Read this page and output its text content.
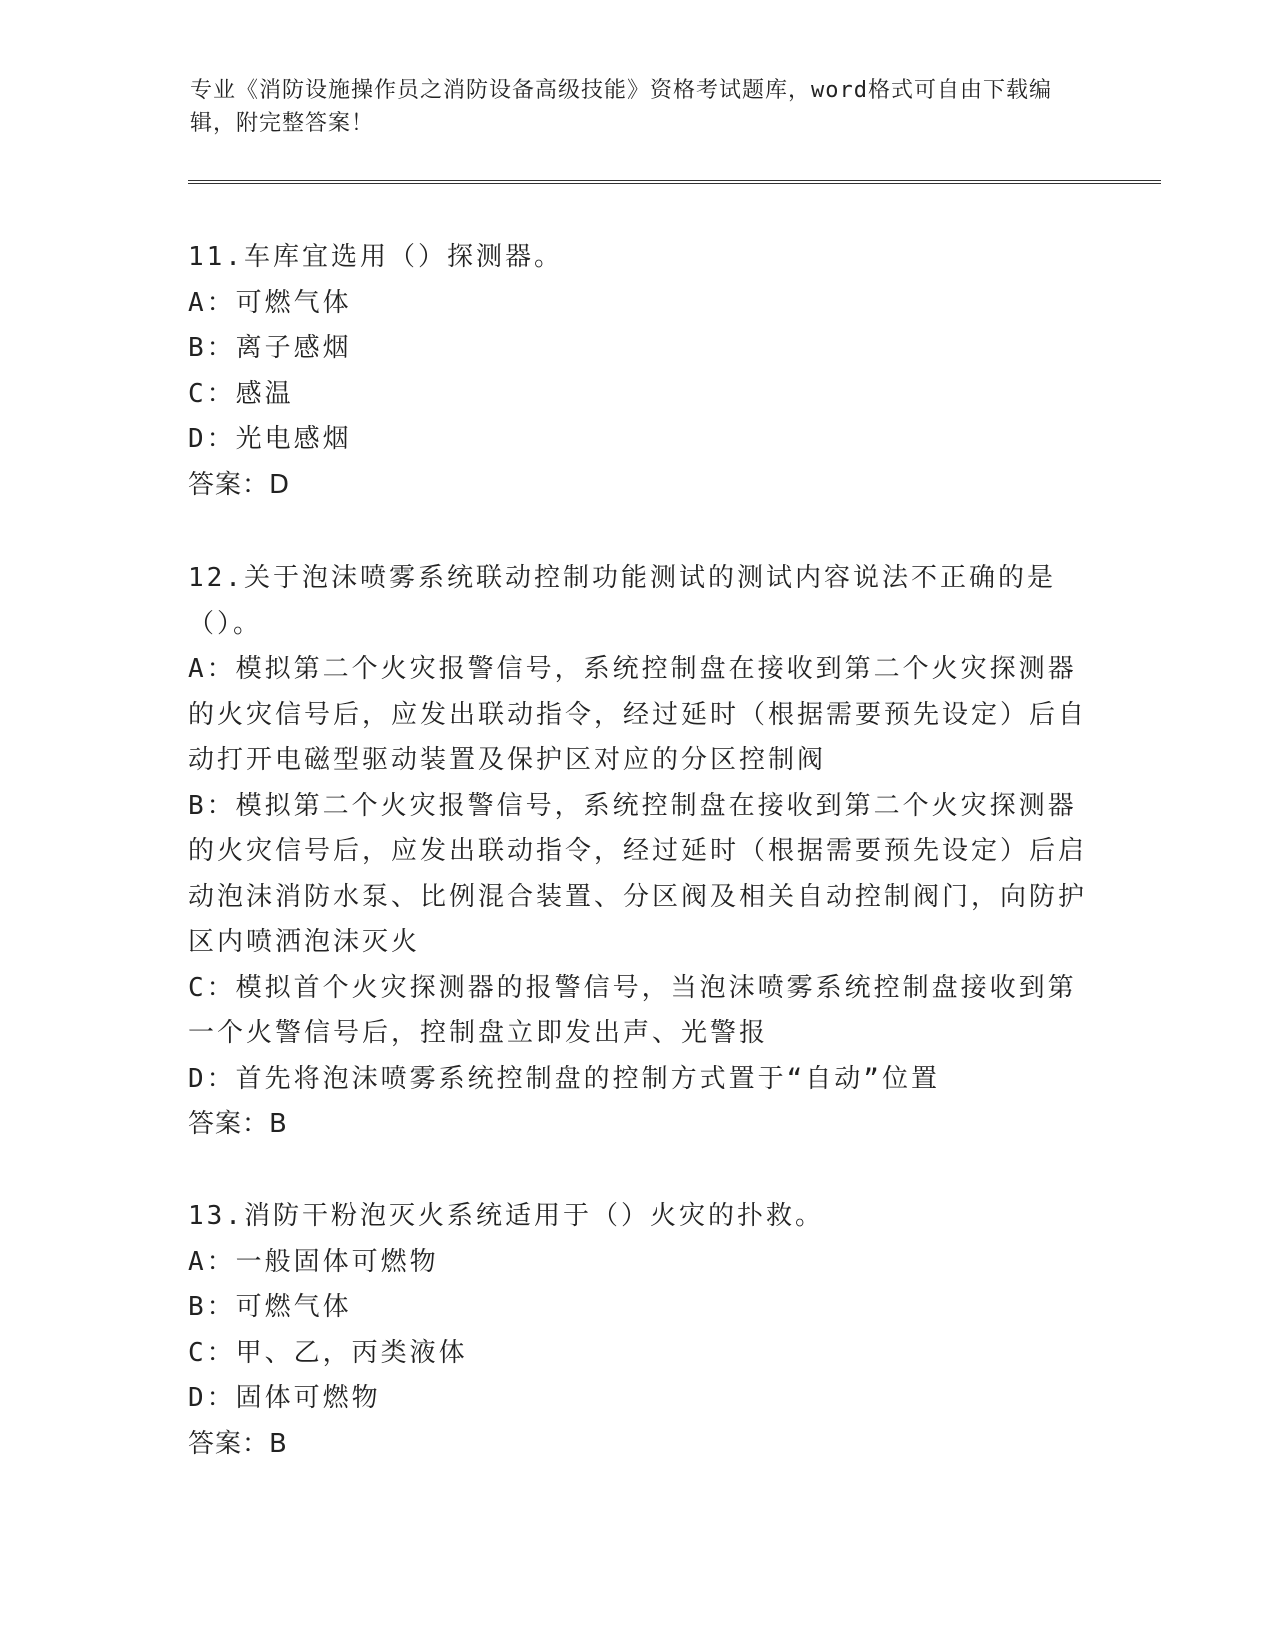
专业《消防设施操作员之消防设备高级技能》资格考试题库，word格式可自由下载编辑，附完整答案！
11.车库宜选用（）探测器。
A：可燃气体
B：离子感烟
C：感温
D：光电感烟
答案：D
12.关于泡沫喷雾系统联动控制功能测试的测试内容说法不正确的是（）。
A：模拟第二个火灾报警信号，系统控制盘在接收到第二个火灾探测器的火灾信号后，应发出联动指令，经过延时（根据需要预先设定）后自动打开电磁型驱动装置及保护区对应的分区控制阀
B：模拟第二个火灾报警信号，系统控制盘在接收到第二个火灾探测器的火灾信号后，应发出联动指令，经过延时（根据需要预先设定）后启动泡沫消防水泵、比例混合装置、分区阀及相关自动控制阀门，向防护区内喷洒泡沫灭火
C：模拟首个火灾探测器的报警信号，当泡沫喷雾系统控制盘接收到第一个火警信号后，控制盘立即发出声、光警报
D：首先将泡沫喷雾系统控制盘的控制方式置于“自动”位置
答案：B
13.消防干粉泡灭火系统适用于（）火灾的扑救。
A：一般固体可燃物
B：可燃气体
C：甲、乙，丙类液体
D：固体可燃物
答案：B
